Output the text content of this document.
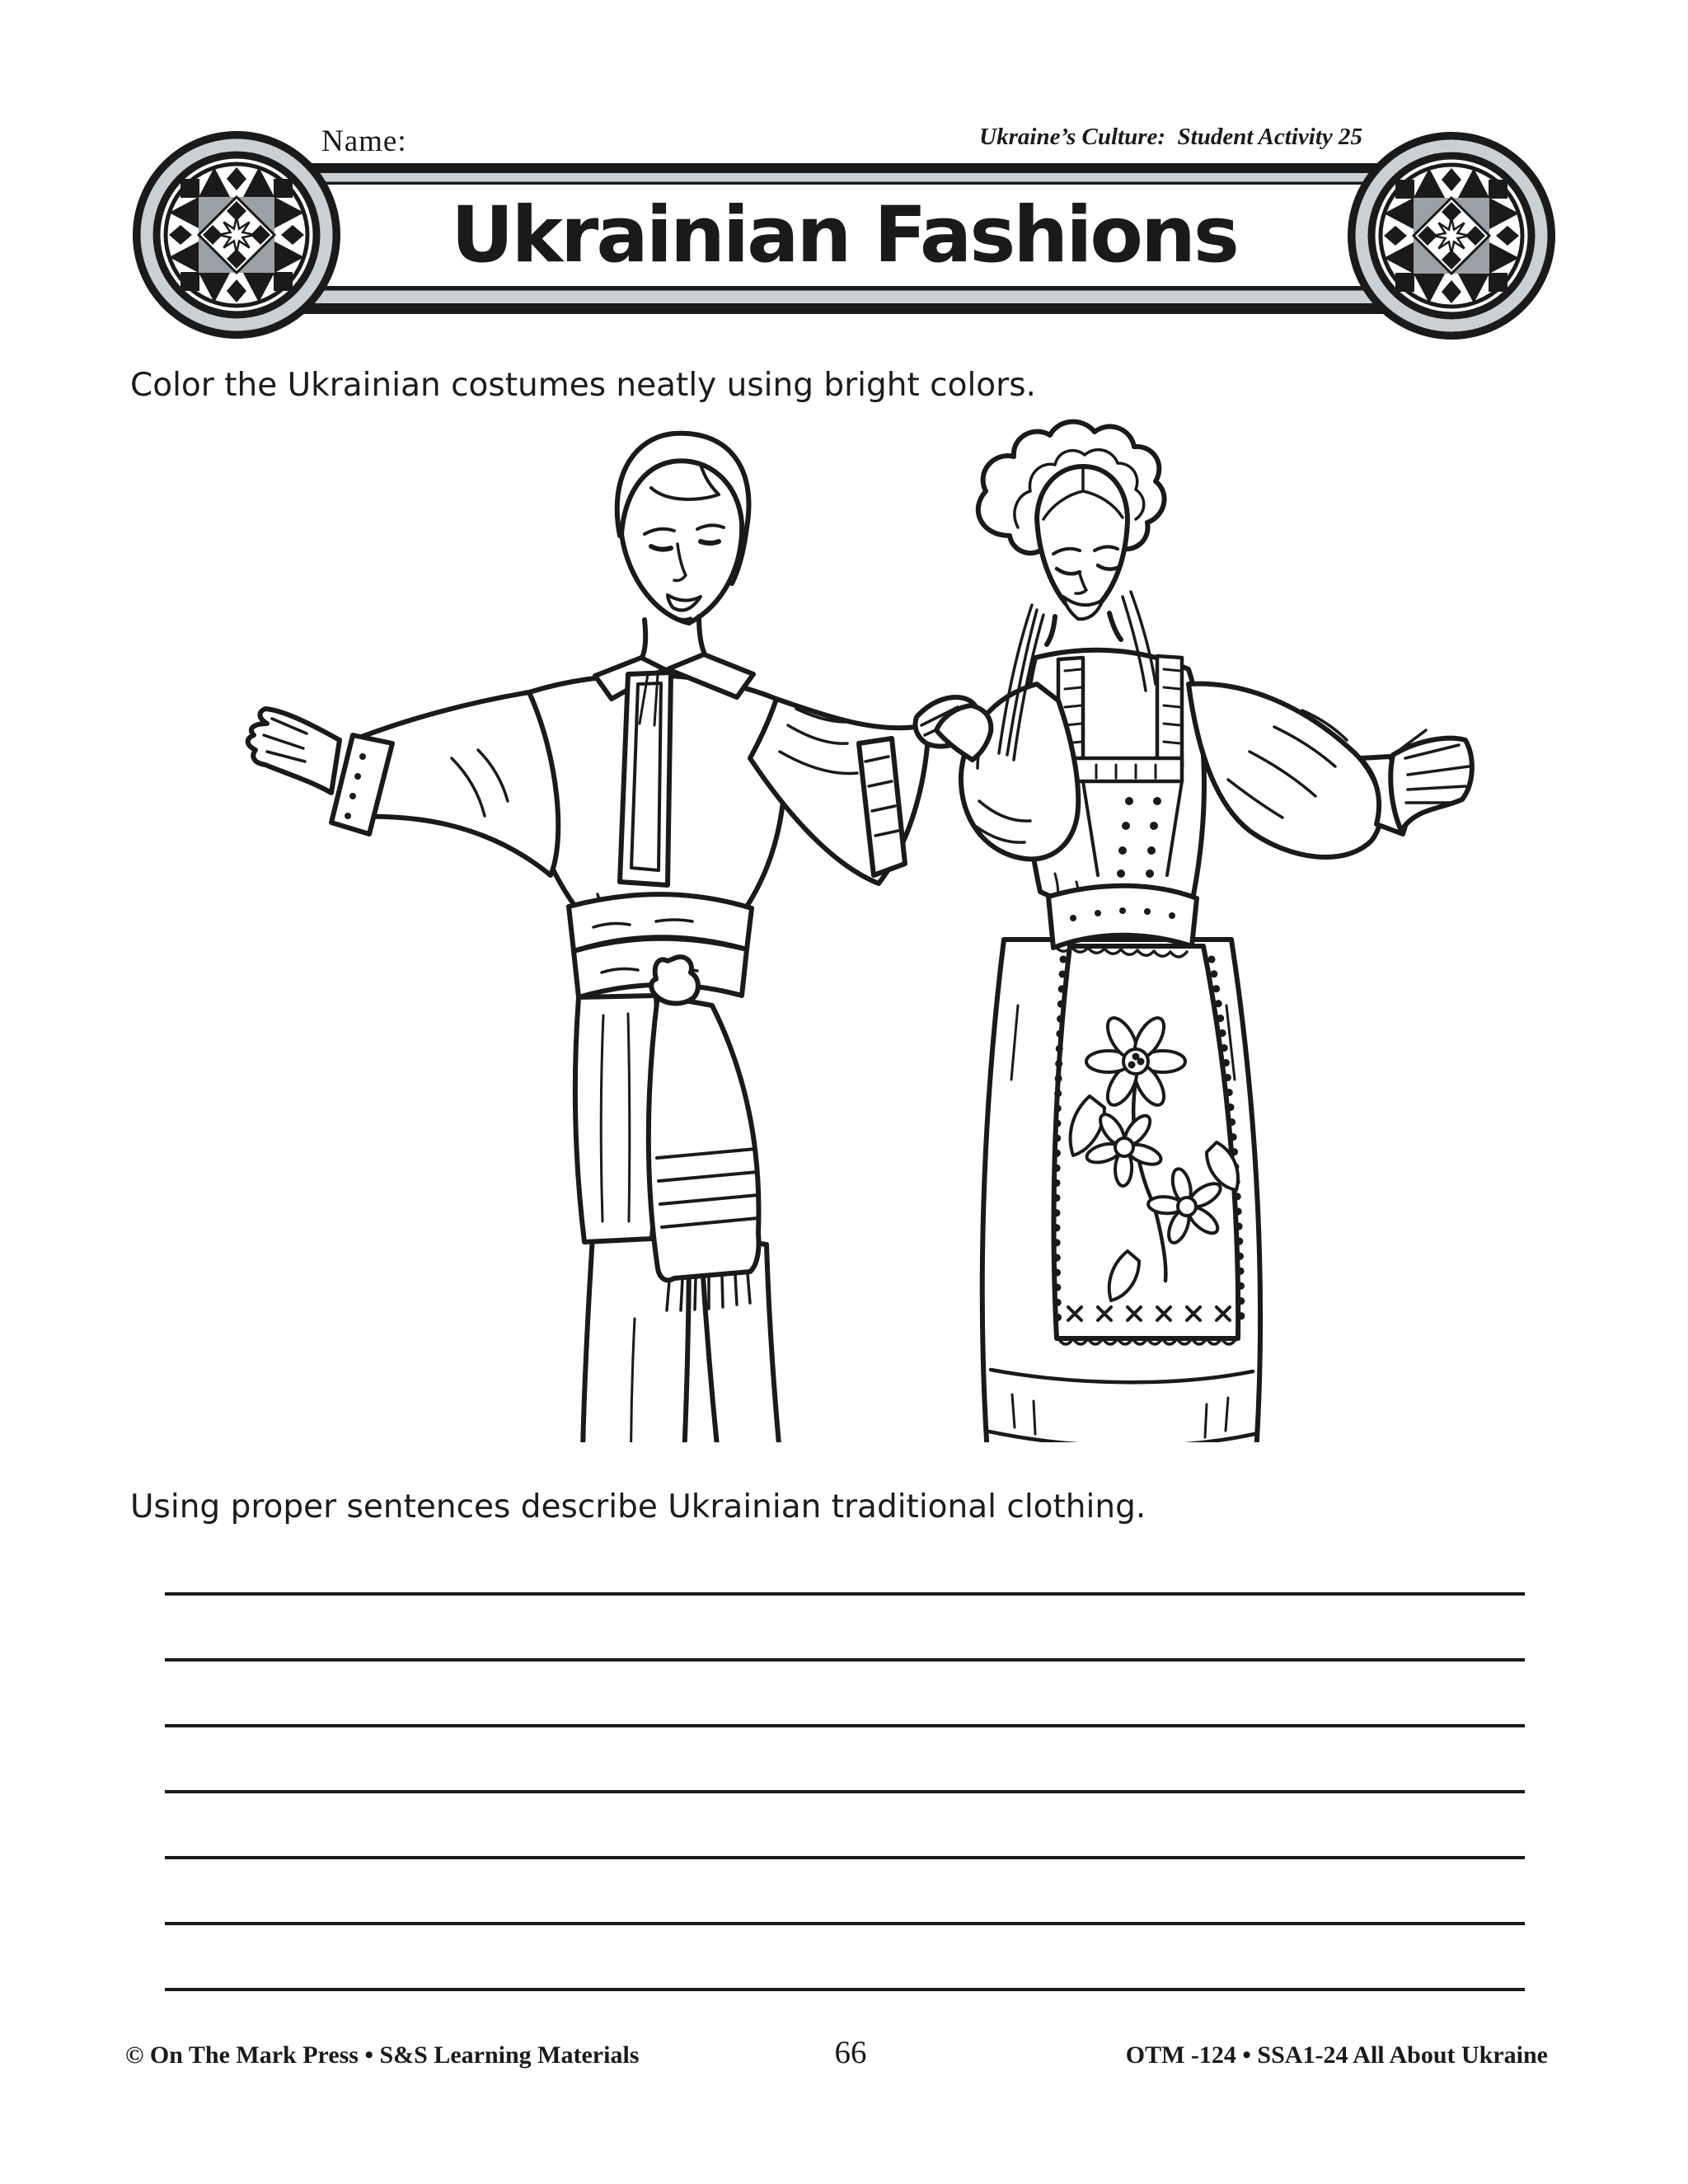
Name:	Ukraine’s Culture:  Student Activity 25
Ukrainian Fashions
Color the Ukrainian costumes neatly using bright colors.
Using proper sentences describe Ukrainian traditional clothing.
© On The Mark Press • S&S Learning Materials	66	OTM -124 • SSA1-24 All About Ukraine
